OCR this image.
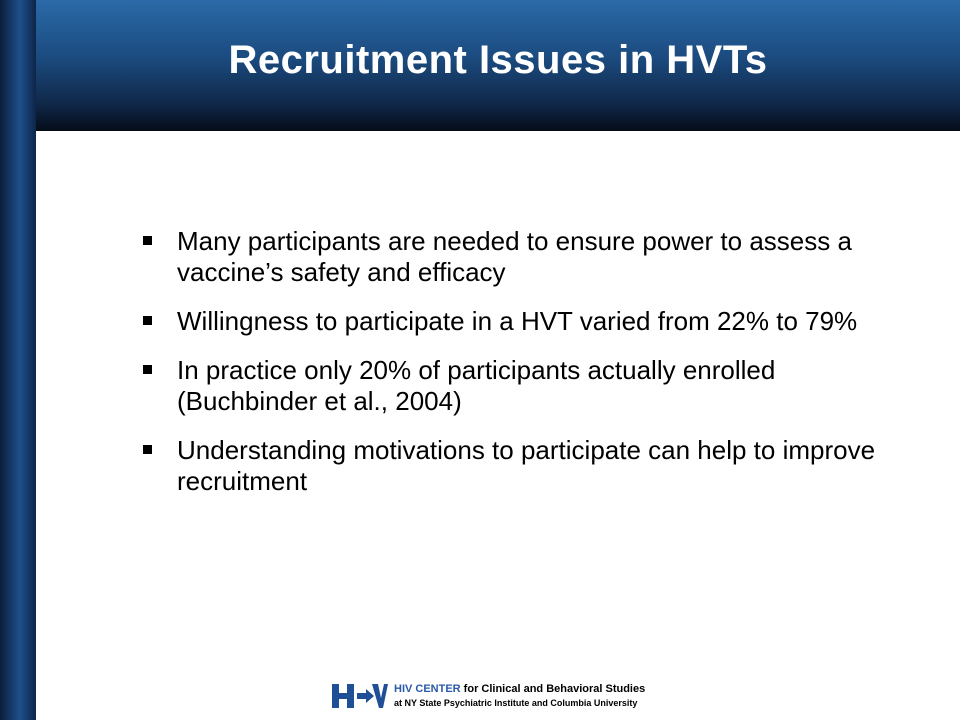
Recruitment Issues in HVTs
Many participants are needed to ensure power to assess a vaccine’s safety and efficacy
Willingness to participate in a HVT varied from 22% to 79%
In practice only 20% of participants actually enrolled (Buchbinder et al., 2004)
Understanding motivations to participate can help to improve recruitment
HIV CENTER for Clinical and Behavioral Studies
at NY State Psychiatric Institute and Columbia University
